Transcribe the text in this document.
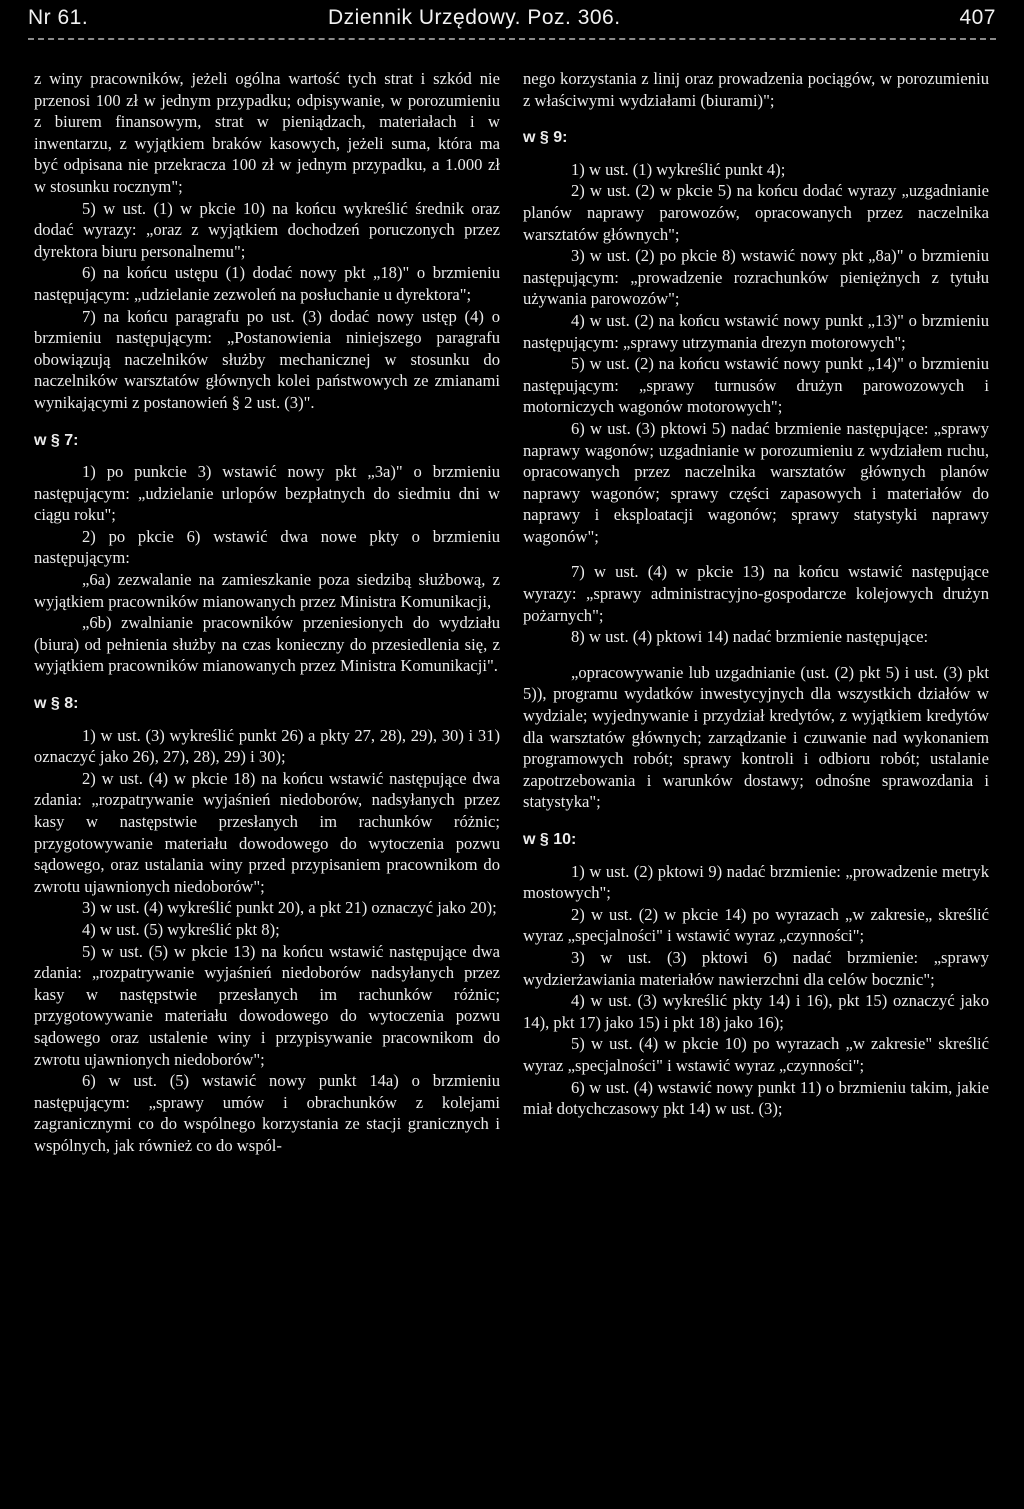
Nr 61.	Dziennik Urzędowy. Poz. 306.	407

z winy pracowników, jeżeli ogólna wartość tych strat i szkód nie przenosi 100 zł w jednym przypadku; odpisywanie, w porozumieniu z biurem finansowym, strat w pieniądzach, materiałach i w inwentarzu, z wyjątkiem braków kasowych, jeżeli suma, która ma być odpisana nie przekracza 100 zł w jednym przypadku, a 1.000 zł w stosunku rocznym";

5) w ust. (1) w pkcie 10) na końcu wykreślić średnik oraz dodać wyrazy: „oraz z wyjątkiem dochodzeń poruczonych przez dyrektora biuru personalnemu";

6) na końcu ustępu (1) dodać nowy pkt „18)" o brzmieniu następującym: „udzielanie zezwoleń na posłuchanie u dyrektora";

7) na końcu paragrafu po ust. (3) dodać nowy ustęp (4) o brzmieniu następującym: „Postanowienia niniejszego paragrafu obowiązują naczelników służby mechanicznej w stosunku do naczelników warsztatów głównych kolei państwowych ze zmianami wynikającymi z postanowień § 2 ust. (3)".

w § 7:

1) po punkcie 3) wstawić nowy pkt „3a)" o brzmieniu następującym: „udzielanie urlopów bezpłatnych do siedmiu dni w ciągu roku";

2) po pkcie 6) wstawić dwa nowe pkty o brzmieniu następującym:

„6a) zezwalanie na zamieszkanie poza siedzibą służbową, z wyjątkiem pracowników mianowanych przez Ministra Komunikacji,

„6b) zwalnianie pracowników przeniesionych do wydziału (biura) od pełnienia służby na czas konieczny do przesiedlenia się, z wyjątkiem pracowników mianowanych przez Ministra Komunikacji".

w § 8:

1) w ust. (3) wykreślić punkt 26) a pkty 27, 28), 29), 30) i 31) oznaczyć jako 26), 27), 28), 29) i 30);

2) w ust. (4) w pkcie 18) na końcu wstawić następujące dwa zdania: „rozpatrywanie wyjaśnień niedoborów, nadsyłanych przez kasy w następstwie przesłanych im rachunków różnic; przygotowywanie materiału dowodowego do wytoczenia pozwu sądowego, oraz ustalania winy przed przypisaniem pracownikom do zwrotu ujawnionych niedoborów";

3) w ust. (4) wykreślić punkt 20), a pkt 21) oznaczyć jako 20);

4) w ust. (5) wykreślić pkt 8);

5) w ust. (5) w pkcie 13) na końcu wstawić następujące dwa zdania: „rozpatrywanie wyjaśnień niedoborów nadsyłanych przez kasy w następstwie przesłanych im rachunków różnic; przygotowywanie materiału dowodowego do wytoczenia pozwu sądowego oraz ustalenie winy i przypisywanie pracownikom do zwrotu ujawnionych niedoborów";

6) w ust. (5) wstawić nowy punkt 14a) o brzmieniu następującym: „sprawy umów i obrachunków z kolejami zagranicznymi co do wspólnego korzystania ze stacji granicznych i wspólnych, jak również co do wspól-

nego korzystania z linij oraz prowadzenia pociągów, w porozumieniu z właściwymi wydziałami (biurami)";

w § 9:

1) w ust. (1) wykreślić punkt 4);

2) w ust. (2) w pkcie 5) na końcu dodać wyrazy „uzgadnianie planów naprawy parowozów, opracowanych przez naczelnika warsztatów głównych";

3) w ust. (2) po pkcie 8) wstawić nowy pkt „8a)" o brzmieniu następującym: „prowadzenie rozrachunków pieniężnych z tytułu używania parowozów";

4) w ust. (2) na końcu wstawić nowy punkt „13)" o brzmieniu następującym: „sprawy utrzymania drezyn motorowych";

5) w ust. (2) na końcu wstawić nowy punkt „14)" o brzmieniu następującym: „sprawy turnusów drużyn parowozowych i motorniczych wagonów motorowych";

6) w ust. (3) pktowi 5) nadać brzmienie następujące: „sprawy naprawy wagonów; uzgadnianie w porozumieniu z wydziałem ruchu, opracowanych przez naczelnika warsztatów głównych planów naprawy wagonów; sprawy części zapasowych i materiałów do naprawy i eksploatacji wagonów; sprawy statystyki naprawy wagonów";

7) w ust. (4) w pkcie 13) na końcu wstawić następujące wyrazy: „sprawy administracyjno-gospodarcze kolejowych drużyn pożarnych";

8) w ust. (4) pktowi 14) nadać brzmienie następujące:

„opracowywanie lub uzgadnianie (ust. (2) pkt 5) i ust. (3) pkt 5)), programu wydatków inwestycyjnych dla wszystkich działów w wydziale; wyjednywanie i przydział kredytów, z wyjątkiem kredytów dla warsztatów głównych; zarządzanie i czuwanie nad wykonaniem programowych robót; sprawy kontroli i odbioru robót; ustalanie zapotrzebowania i warunków dostawy; odnośne sprawozdania i statystyka";

w § 10:

1) w ust. (2) pktowi 9) nadać brzmienie: „prowadzenie metryk mostowych";

2) w ust. (2) w pkcie 14) po wyrazach „w zakresie„ skreślić wyraz „specjalności" i wstawić wyraz „czynności";

3) w ust. (3) pktowi 6) nadać brzmienie: „sprawy wydzierżawiania materiałów nawierzchni dla celów bocznic";

4) w ust. (3) wykreślić pkty 14) i 16), pkt 15) oznaczyć jako 14), pkt 17) jako 15) i pkt 18) jako 16);

5) w ust. (4) w pkcie 10) po wyrazach „w zakresie" skreślić wyraz „specjalności" i wstawić wyraz „czynności";

6) w ust. (4) wstawić nowy punkt 11) o brzmieniu takim, jakie miał dotychczasowy pkt 14) w ust. (3);
